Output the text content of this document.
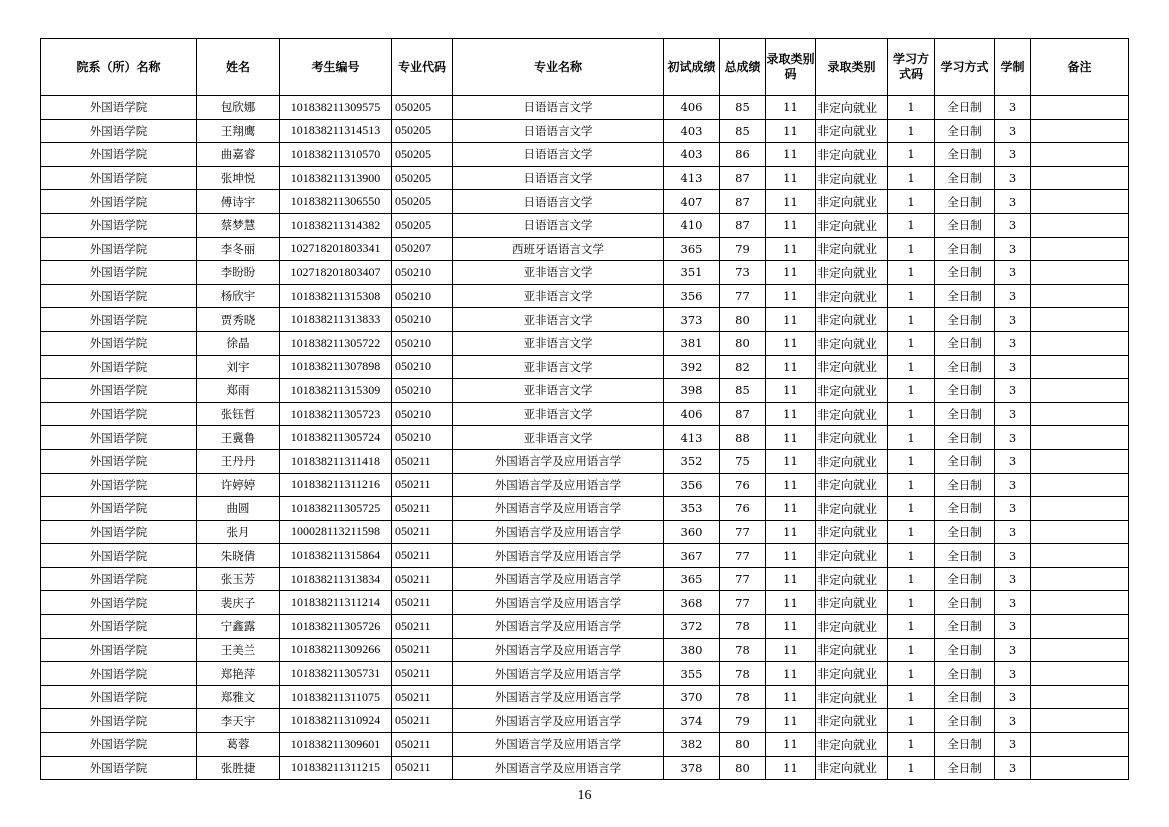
院系（所）名称	姓名	考生编号	专业代码	专业名称	初试成绩	总成绩	录取类别码	录取类别	学习方式码	学习方式	学制	备注
外国语学院	包欣娜	101838211309575	050205	日语语言文学	406	85	11	非定向就业	1	全日制	3	
外国语学院	王翔鹰	101838211314513	050205	日语语言文学	403	85	11	非定向就业	1	全日制	3	
外国语学院	曲嘉睿	101838211310570	050205	日语语言文学	403	86	11	非定向就业	1	全日制	3	
外国语学院	张坤悦	101838211313900	050205	日语语言文学	413	87	11	非定向就业	1	全日制	3	
外国语学院	傅诗宇	101838211306550	050205	日语语言文学	407	87	11	非定向就业	1	全日制	3	
外国语学院	蔡梦慧	101838211314382	050205	日语语言文学	410	87	11	非定向就业	1	全日制	3	
外国语学院	李冬丽	102718201803341	050207	西班牙语语言文学	365	79	11	非定向就业	1	全日制	3	
外国语学院	李盼盼	102718201803407	050210	亚非语言文学	351	73	11	非定向就业	1	全日制	3	
外国语学院	杨欣宇	101838211315308	050210	亚非语言文学	356	77	11	非定向就业	1	全日制	3	
外国语学院	贾秀晓	101838211313833	050210	亚非语言文学	373	80	11	非定向就业	1	全日制	3	
外国语学院	徐晶	101838211305722	050210	亚非语言文学	381	80	11	非定向就业	1	全日制	3	
外国语学院	刘宇	101838211307898	050210	亚非语言文学	392	82	11	非定向就业	1	全日制	3	
外国语学院	郑雨	101838211315309	050210	亚非语言文学	398	85	11	非定向就业	1	全日制	3	
外国语学院	张钰哲	101838211305723	050210	亚非语言文学	406	87	11	非定向就业	1	全日制	3	
外国语学院	王冀鲁	101838211305724	050210	亚非语言文学	413	88	11	非定向就业	1	全日制	3	
外国语学院	王丹丹	101838211311418	050211	外国语言学及应用语言学	352	75	11	非定向就业	1	全日制	3	
外国语学院	许婷婷	101838211311216	050211	外国语言学及应用语言学	356	76	11	非定向就业	1	全日制	3	
外国语学院	曲圆	101838211305725	050211	外国语言学及应用语言学	353	76	11	非定向就业	1	全日制	3	
外国语学院	张月	100028113211598	050211	外国语言学及应用语言学	360	77	11	非定向就业	1	全日制	3	
外国语学院	朱晓倩	101838211315864	050211	外国语言学及应用语言学	367	77	11	非定向就业	1	全日制	3	
外国语学院	张玉芳	101838211313834	050211	外国语言学及应用语言学	365	77	11	非定向就业	1	全日制	3	
外国语学院	裴庆子	101838211311214	050211	外国语言学及应用语言学	368	77	11	非定向就业	1	全日制	3	
外国语学院	宁鑫露	101838211305726	050211	外国语言学及应用语言学	372	78	11	非定向就业	1	全日制	3	
外国语学院	王美兰	101838211309266	050211	外国语言学及应用语言学	380	78	11	非定向就业	1	全日制	3	
外国语学院	郑艳萍	101838211305731	050211	外国语言学及应用语言学	355	78	11	非定向就业	1	全日制	3	
外国语学院	郑雅文	101838211311075	050211	外国语言学及应用语言学	370	78	11	非定向就业	1	全日制	3	
外国语学院	李天宇	101838211310924	050211	外国语言学及应用语言学	374	79	11	非定向就业	1	全日制	3	
外国语学院	葛蓉	101838211309601	050211	外国语言学及应用语言学	382	80	11	非定向就业	1	全日制	3	
外国语学院	张胜捷	101838211311215	050211	外国语言学及应用语言学	378	80	11	非定向就业	1	全日制	3	
16
